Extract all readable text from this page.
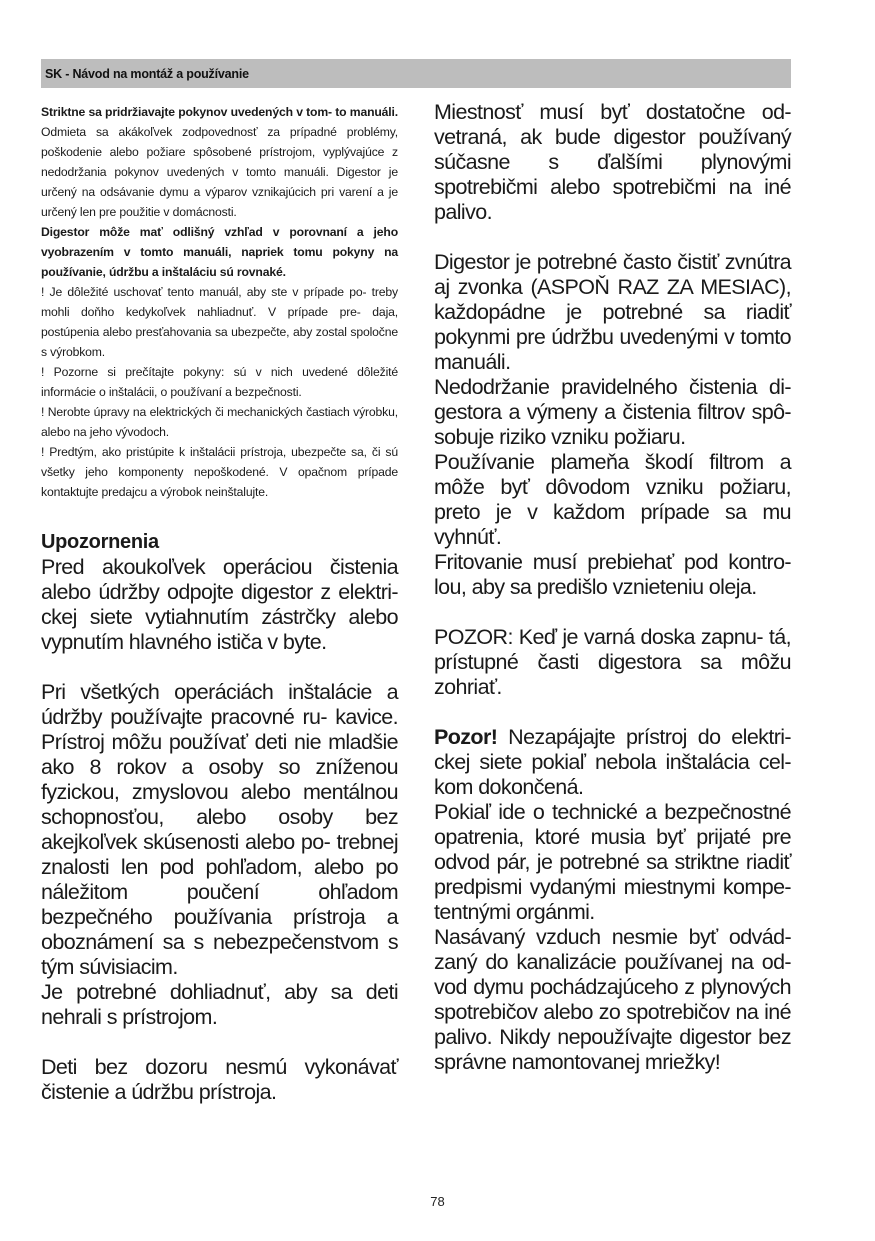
SK - Návod na montáž a používanie

Striktne sa pridržiavajte pokynov uvedených v tom- to manuáli. Odmieta sa akákoľvek zodpovednosť za prípadné problémy, poškodenie alebo požiare spôsobené prístrojom, vyplývajúce z nedodržania pokynov uvedených v tomto manuáli. Digestor je určený na odsávanie dymu a výparov vznikajúcich pri varení a je určený len pre použitie v domácnosti.

Digestor môže mať odlišný vzhľad v porovnaní a jeho vyobrazením v tomto manuáli, napriek tomu pokyny na používanie, údržbu a inštaláciu sú rovnaké.

! Je dôležité uschovať tento manuál, aby ste v prípade po- treby mohli doňho kedykoľvek nahliadnuť. V prípade pre- daja, postúpenia alebo presťahovania sa ubezpečte, aby zostal spoločne s výrobkom.

! Pozorne si prečítajte pokyny: sú v nich uvedené dôležité informácie o inštalácii, o používaní a bezpečnosti.

! Nerobte úpravy na elektrických či mechanických častiach výrobku, alebo na jeho vývodoch.

! Predtým, ako pristúpite k inštalácii prístroja, ubezpečte sa, či sú všetky jeho komponenty nepoškodené. V opačnom prípade kontaktujte predajcu a výrobok neinštalujte.

Upozornenia

Pred akoukoľvek operáciou čistenia alebo údržby odpojte digestor z elektri- ckej siete vytiahnutím zástrčky alebo vypnutím hlavného ističa v byte.

Pri všetkých operáciách inštalácie a údržby používajte pracovné ru- kavice. Prístroj môžu používať deti nie mladšie ako 8 rokov a osoby so zníženou fyzickou, zmyslovou alebo mentálnou schopnosťou, alebo osoby bez akejkoľvek skúsenosti alebo po- trebnej znalosti len pod pohľadom, alebo po náležitom poučení ohľadom bezpečného používania prístroja a oboznámení sa s nebezpečenstvom s tým súvisiacim.

Je potrebné dohliadnuť, aby sa deti nehrali s prístrojom.

Deti bez dozoru nesmú vykonávať čistenie a údržbu prístroja.

Miestnosť musí byť dostatočne od- vetraná, ak bude digestor používaný súčasne s ďalšími plynovými spotrebičmi alebo spotrebičmi na iné palivo.

Digestor je potrebné často čistiť zvnútra aj zvonka (ASPOŇ RAZ ZA MESIAC), každopádne je potrebné sa riadiť pokynmi pre údržbu uvedenými v tomto manuáli.

Nedodržanie pravidelného čistenia di- gestora a výmeny a čistenia filtrov spô- sobuje riziko vzniku požiaru.

Používanie plameňa škodí filtrom a môže byť dôvodom vzniku požiaru, preto je v každom prípade sa mu vyhnúť.

Fritovanie musí prebiehať pod kontro- lou, aby sa predišlo vznieteniu oleja.

POZOR: Keď je varná doska zapnu- tá, prístupné časti digestora sa môžu zohriať.

Pozor! Nezapájajte prístroj do elektri- ckej siete pokiaľ nebola inštalácia cel- kom dokončená.

Pokiaľ ide o technické a bezpečnostné opatrenia, ktoré musia byť prijaté pre odvod pár, je potrebné sa striktne riadiť predpismi vydanými miestnymi kompe- tentnými orgánmi.

Nasávaný vzduch nesmie byť odvád- zaný do kanalizácie používanej na od- vod dymu pochádzajúceho z plynových spotrebičov alebo zo spotrebičov na iné palivo. Nikdy nepoužívajte digestor bez správne namontovanej mriežky!

78
